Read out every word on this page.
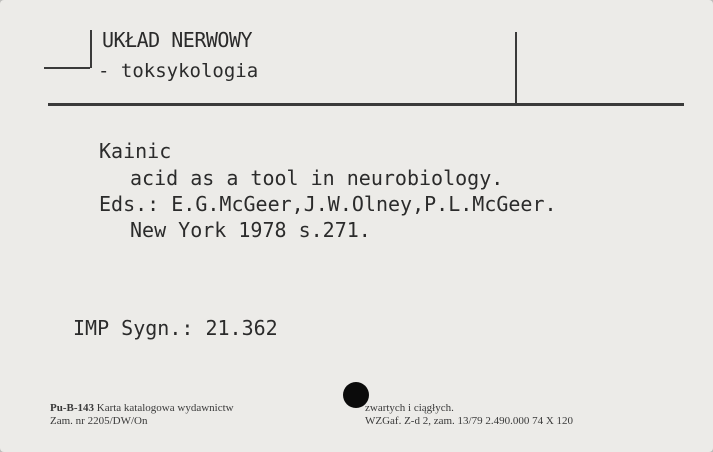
UKŁAD NERWOWY
- toksykologia
Kainic
acid as a tool in neurobiology.
Eds.: E.G.McGeer,J.W.Olney,P.L.McGeer.
New York 1978 s.271.
IMP Sygn.: 21.362
Pu-B-143 Karta katalogowa wydawnictw
Zam. nr 2205/DW/On
zwartych i ciągłych.
WZGaf. Z-d 2, zam. 13/79 2.490.000 74 X 120
